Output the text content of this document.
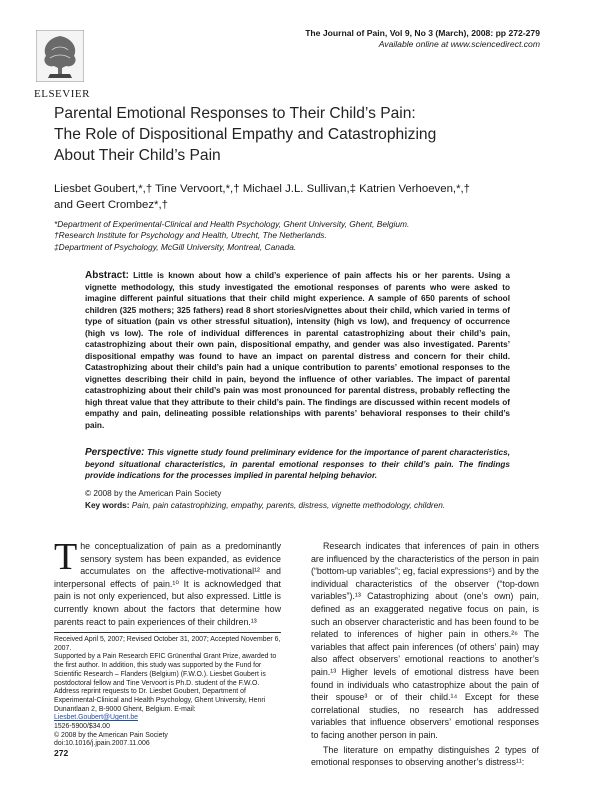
ELSEVIER
The Journal of Pain, Vol 9, No 3 (March), 2008: pp 272-279
Available online at www.sciencedirect.com
Parental Emotional Responses to Their Child’s Pain:
The Role of Dispositional Empathy and Catastrophizing
About Their Child’s Pain
Liesbet Goubert,*,† Tine Vervoort,*,† Michael J.L. Sullivan,‡ Katrien Verhoeven,*,†
and Geert Crombez*,†
*Department of Experimental-Clinical and Health Psychology, Ghent University, Ghent, Belgium.
†Research Institute for Psychology and Health, Utrecht, The Netherlands.
‡Department of Psychology, McGill University, Montreal, Canada.
Abstract: Little is known about how a child’s experience of pain affects his or her parents. Using a vignette methodology, this study investigated the emotional responses of parents who were asked to imagine different painful situations that their child might experience. A sample of 650 parents of school children (325 mothers; 325 fathers) read 8 short stories/vignettes about their child, which varied in terms of type of situation (pain vs other stressful situation), intensity (high vs low), and frequency of occurrence (high vs low). The role of individual differences in parental catastrophizing about their child’s pain, catastrophizing about their own pain, dispositional empathy, and gender was also investigated. Parents’ dispositional empathy was found to have an impact on parental distress and concern for their child. Catastrophizing about their child’s pain had a unique contribution to parents’ emotional responses to the vignettes describing their child in pain, beyond the influence of other variables. The impact of parental catastrophizing about their child’s pain was most pronounced for parental distress, probably reflecting the high threat value that they attribute to their child’s pain. The findings are discussed within recent models of empathy and pain, delineating possible relationships with parents’ behavioral responses to their child’s pain.
Perspective: This vignette study found preliminary evidence for the importance of parent characteristics, beyond situational characteristics, in parental emotional responses to their child’s pain. The findings provide indications for the processes implied in parental helping behavior.
© 2008 by the American Pain Society
Key words: Pain, pain catastrophizing, empathy, parents, distress, vignette methodology, children.
The conceptualization of pain as a predominantly sensory system has been expanded, as evidence accumulates on the affective-motivational¹² and interpersonal effects of pain.¹⁰ It is acknowledged that pain is not only experienced, but also expressed. Little is currently known about the factors that determine how parents react to pain experiences of their children.¹³
Received April 5, 2007; Revised October 31, 2007; Accepted November 6, 2007.
Supported by a Pain Research EFIC Grünenthal Grant Prize, awarded to the first author. In addition, this study was supported by the Fund for Scientific Research – Flanders (Belgium) (F.W.O.). Liesbet Goubert is postdoctoral fellow and Tine Vervoort is Ph.D. student of the F.W.O.
Address reprint requests to Dr. Liesbet Goubert, Department of Experimental-Clinical and Health Psychology, Ghent University, Henri Dunantlaan 2, B-9000 Ghent, Belgium. E-mail: Liesbet.Goubert@Ugent.be
1526-5900/$34.00
© 2008 by the American Pain Society
doi:10.1016/j.jpain.2007.11.006

Research indicates that inferences of pain in others are influenced by the characteristics of the person in pain (“bottom-up variables”; eg, facial expressions⁵) and by the individual characteristics of the observer (“top-down variables”).¹³ Catastrophizing about (one’s own) pain, defined as an exaggerated negative focus on pain, is such an observer characteristic and has been found to be related to inferences of higher pain in others.²⁶ The variables that affect pain inferences (of others’ pain) may also affect observers’ emotional reactions to another’s pain.¹³ Higher levels of emotional distress have been found in individuals who catastrophize about the pain of their spouse³ or of their child.¹⁴ Except for these correlational studies, no research has addressed variables that influence observers’ emotional responses to facing another person in pain.

The literature on empathy distinguishes 2 types of emotional responses to observing another’s distress¹¹:

272
